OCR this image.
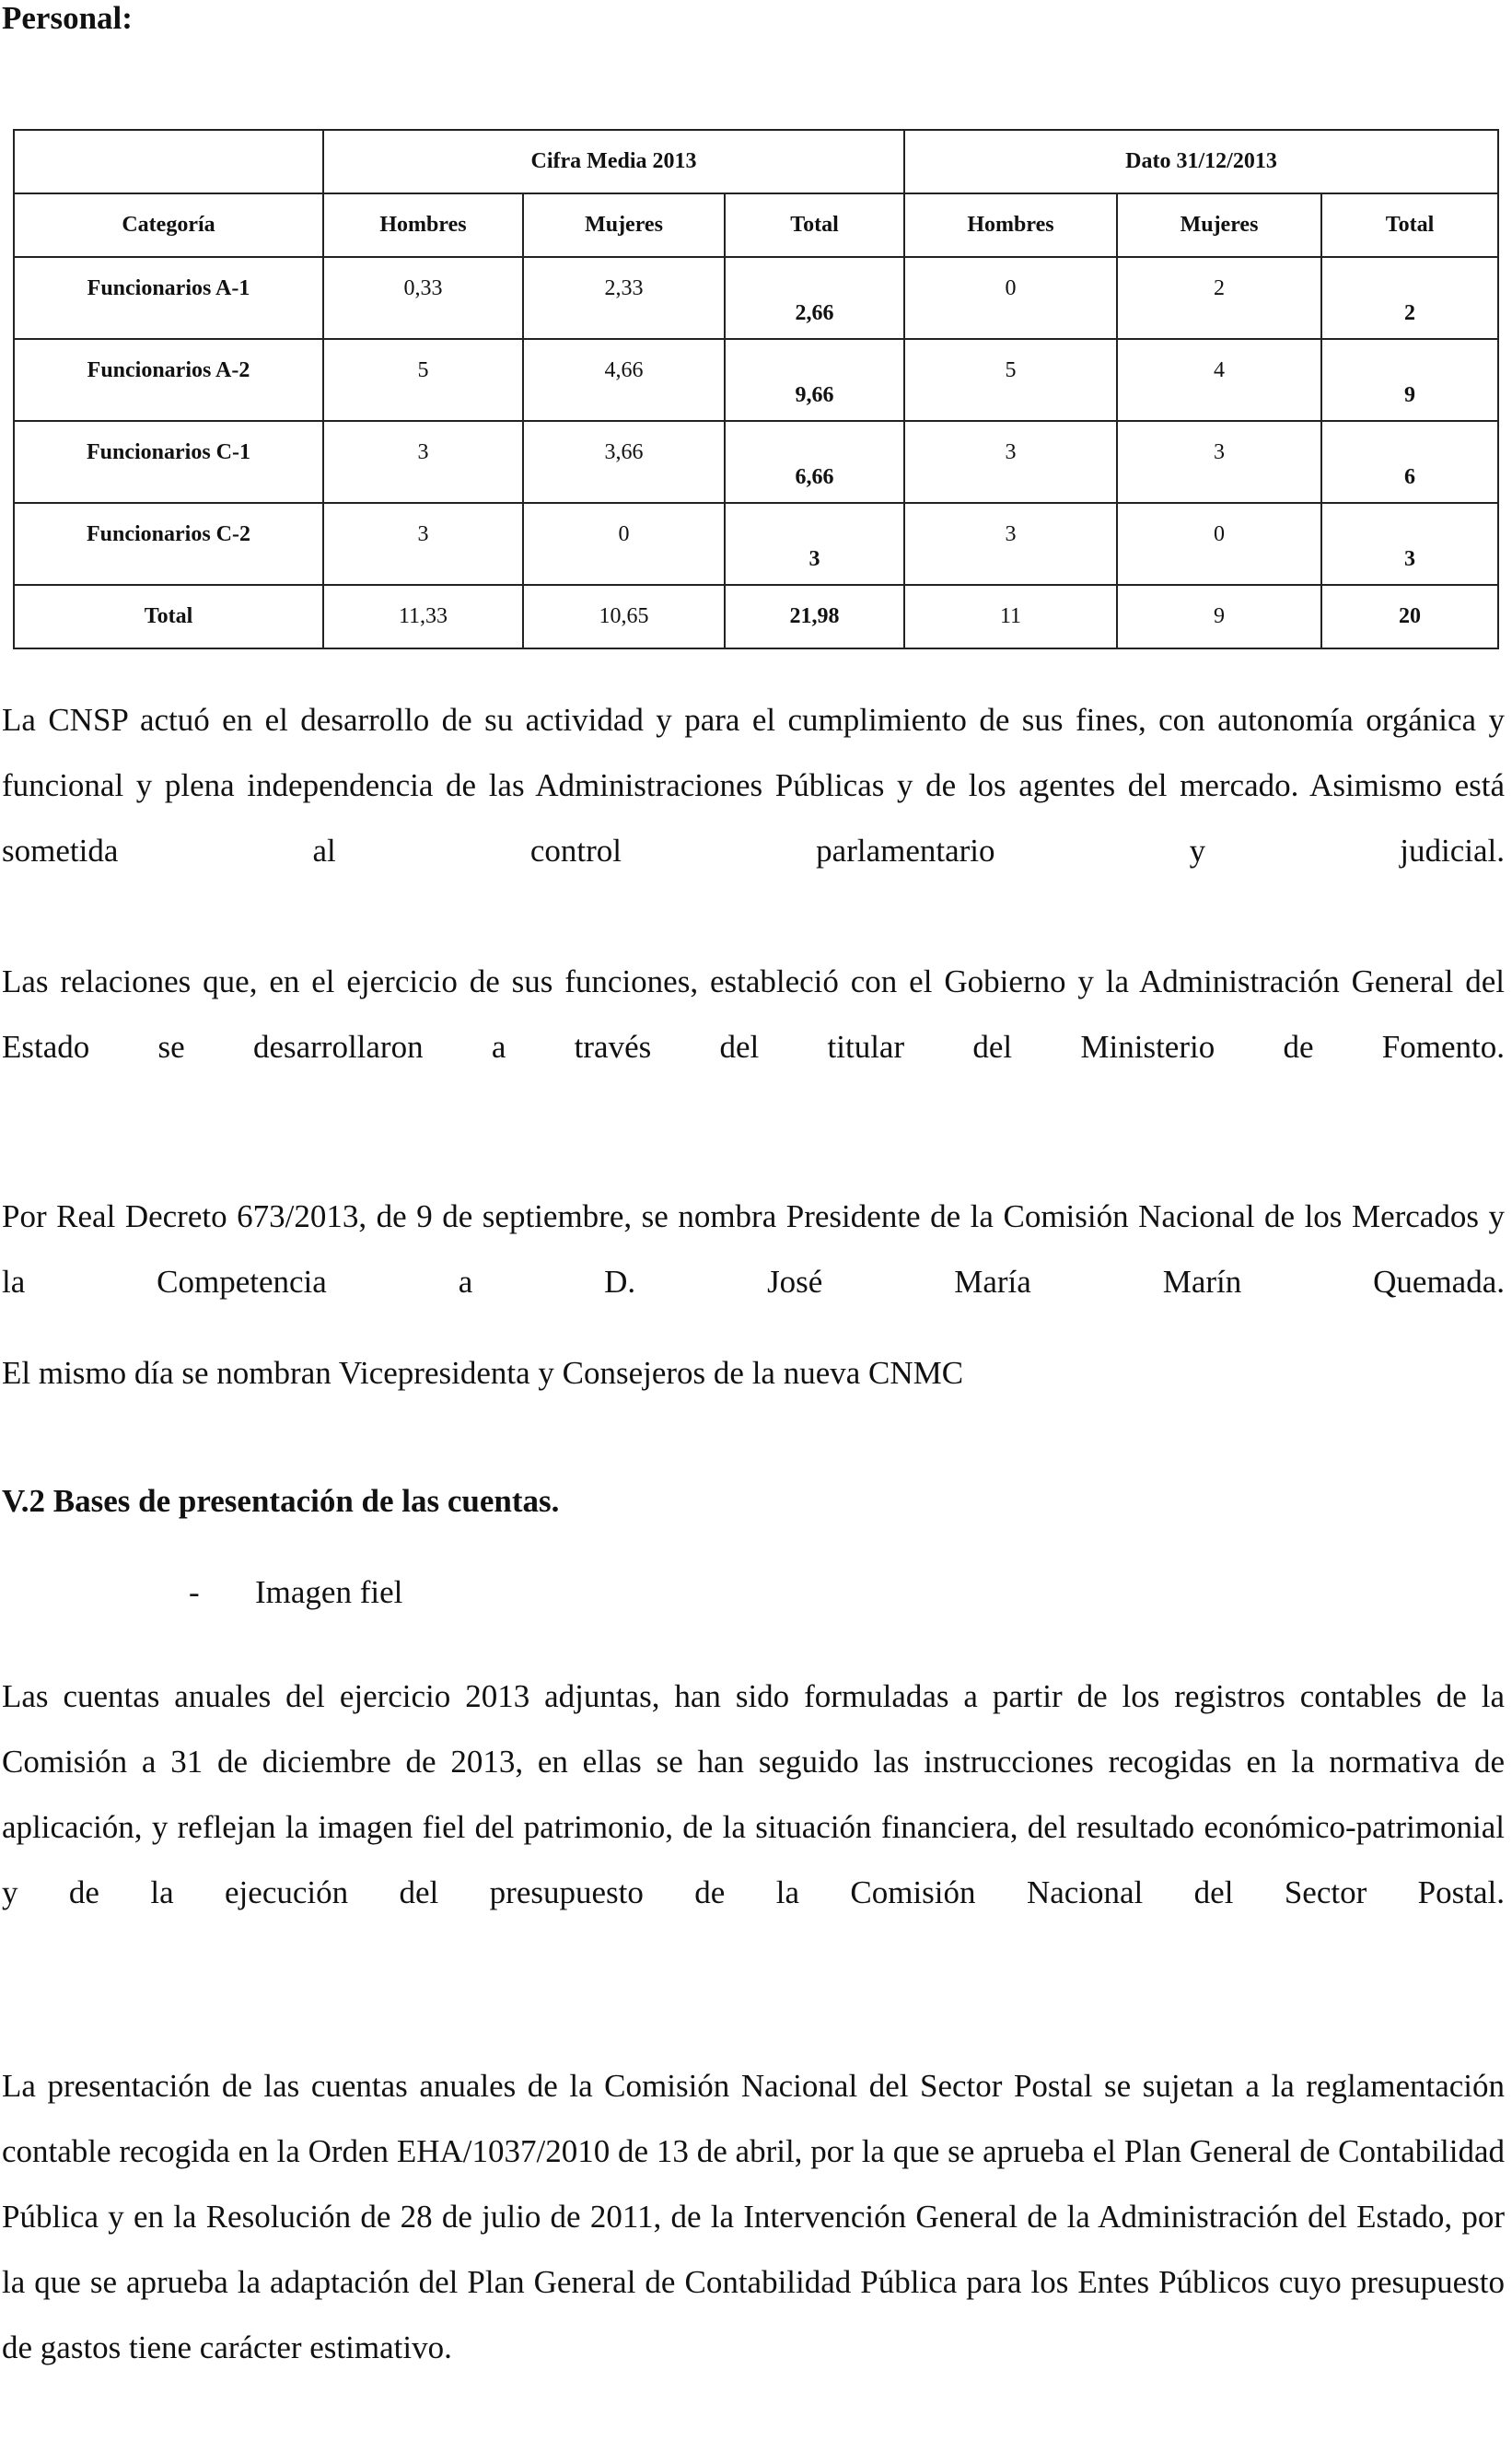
Personal:
	Cifra Media 2013			Dato 31/12/2013		
Categoría	Hombres	Mujeres	Total	Hombres	Mujeres	Total
Funcionarios A-1	0,33	2,33	2,66	0	2	2
Funcionarios A-2	5	4,66	9,66	5	4	9
Funcionarios C-1	3	3,66	6,66	3	3	6
Funcionarios C-2	3	0	3	3	0	3
Total	11,33	10,65	21,98	11	9	20

La CNSP actuó en el desarrollo de su actividad y para el cumplimiento de sus fines, con autonomía orgánica y funcional y plena independencia de las Administraciones Públicas y de los agentes del mercado. Asimismo está sometida al control parlamentario y judicial.

Las relaciones que, en el ejercicio de sus funciones, estableció con el Gobierno y la Administración General del Estado se desarrollaron a través del titular del Ministerio de Fomento.

Por Real Decreto 673/2013, de 9 de septiembre, se nombra Presidente de la Comisión Nacional de los Mercados y la Competencia a D. José María Marín Quemada.

El mismo día se nombran Vicepresidenta y Consejeros de la nueva CNMC

V.2 Bases de presentación de las cuentas.
- Imagen fiel

Las cuentas anuales del ejercicio 2013 adjuntas, han sido formuladas a partir de los registros contables de la Comisión a 31 de diciembre de 2013, en ellas se han seguido las instrucciones recogidas en la normativa de aplicación, y reflejan la imagen fiel del patrimonio, de la situación financiera, del resultado económico-patrimonial y de la ejecución del presupuesto de la Comisión Nacional del Sector Postal.

La presentación de las cuentas anuales de la Comisión Nacional del Sector Postal se sujetan a la reglamentación contable recogida en la Orden EHA/1037/2010 de 13 de abril, por la que se aprueba el Plan General de Contabilidad Pública y en la Resolución de 28 de julio de 2011, de la Intervención General de la Administración del Estado, por la que se aprueba la adaptación del Plan General de Contabilidad Pública para los Entes Públicos cuyo presupuesto de gastos tiene carácter estimativo.
